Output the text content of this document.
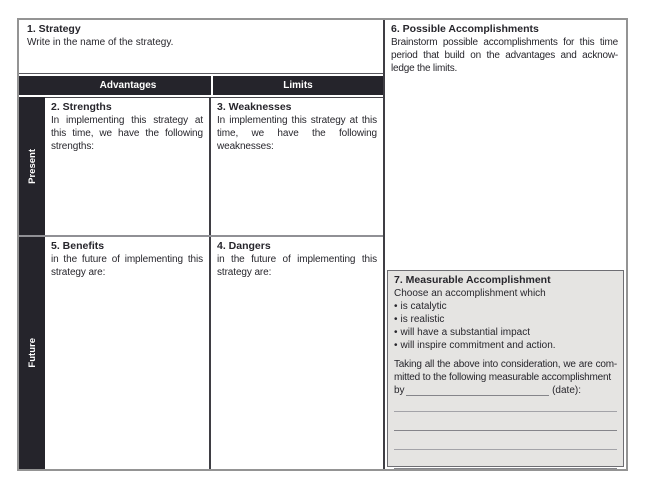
1. Strategy
Write in the name of the strategy.
Advantages	Limits
Present
2. Strengths
In implementing this strategy at this time, we have the following strengths:
3. Weaknesses
In implementing this strategy at this time, we have the following weaknesses:
Future
5. Benefits
in the future of implementing this strategy are:
4. Dangers
in the future of implementing this strategy are:
6. Possible Accomplishments
Brainstorm possible accomplishments for this time period that build on the advantages and acknow-ledge the limits.
7. Measurable Accomplishment
Choose an accomplishment which
• is catalytic
• is realistic
• will have a substantial impact
• will inspire commitment and action.
Taking all the above into consideration, we are com-mitted to the following measurable accomplishment
by	(date):
